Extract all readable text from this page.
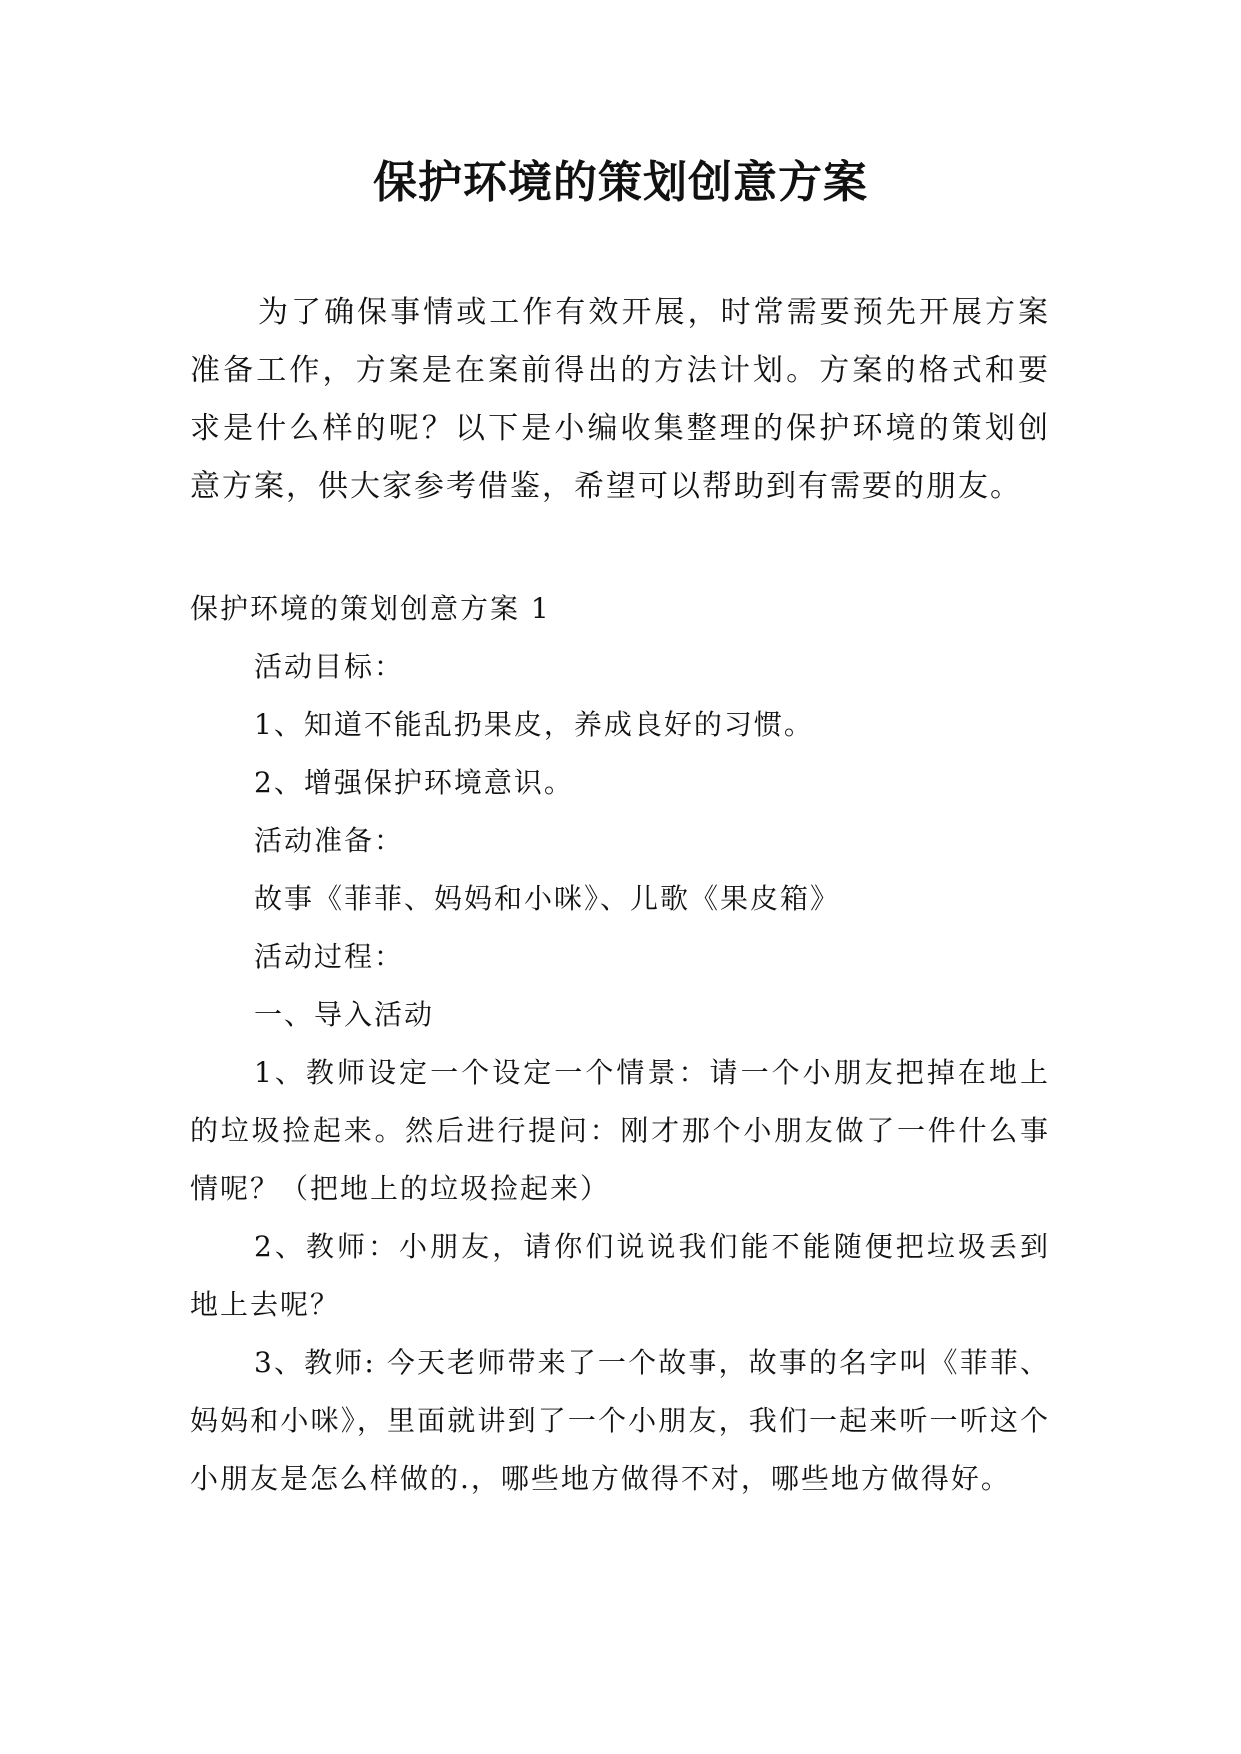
保护环境的策划创意方案

为了确保事情或工作有效开展，时常需要预先开展方案准备工作，方案是在案前得出的方法计划。方案的格式和要求是什么样的呢？以下是小编收集整理的保护环境的策划创意方案，供大家参考借鉴，希望可以帮助到有需要的朋友。

保护环境的策划创意方案 1

活动目标：

1、知道不能乱扔果皮，养成良好的习惯。

2、增强保护环境意识。

活动准备：

故事《菲菲、妈妈和小咪》、儿歌《果皮箱》

活动过程：

一、导入活动

1、教师设定一个设定一个情景：请一个小朋友把掉在地上的垃圾捡起来。然后进行提问：刚才那个小朋友做了一件什么事情呢？（把地上的垃圾捡起来）

2、教师：小朋友，请你们说说我们能不能随便把垃圾丢到地上去呢？

3、教师: 今天老师带来了一个故事，故事的名字叫《菲菲、妈妈和小咪》，里面就讲到了一个小朋友，我们一起来听一听这个小朋友是怎么样做的.，哪些地方做得不对，哪些地方做得好。
